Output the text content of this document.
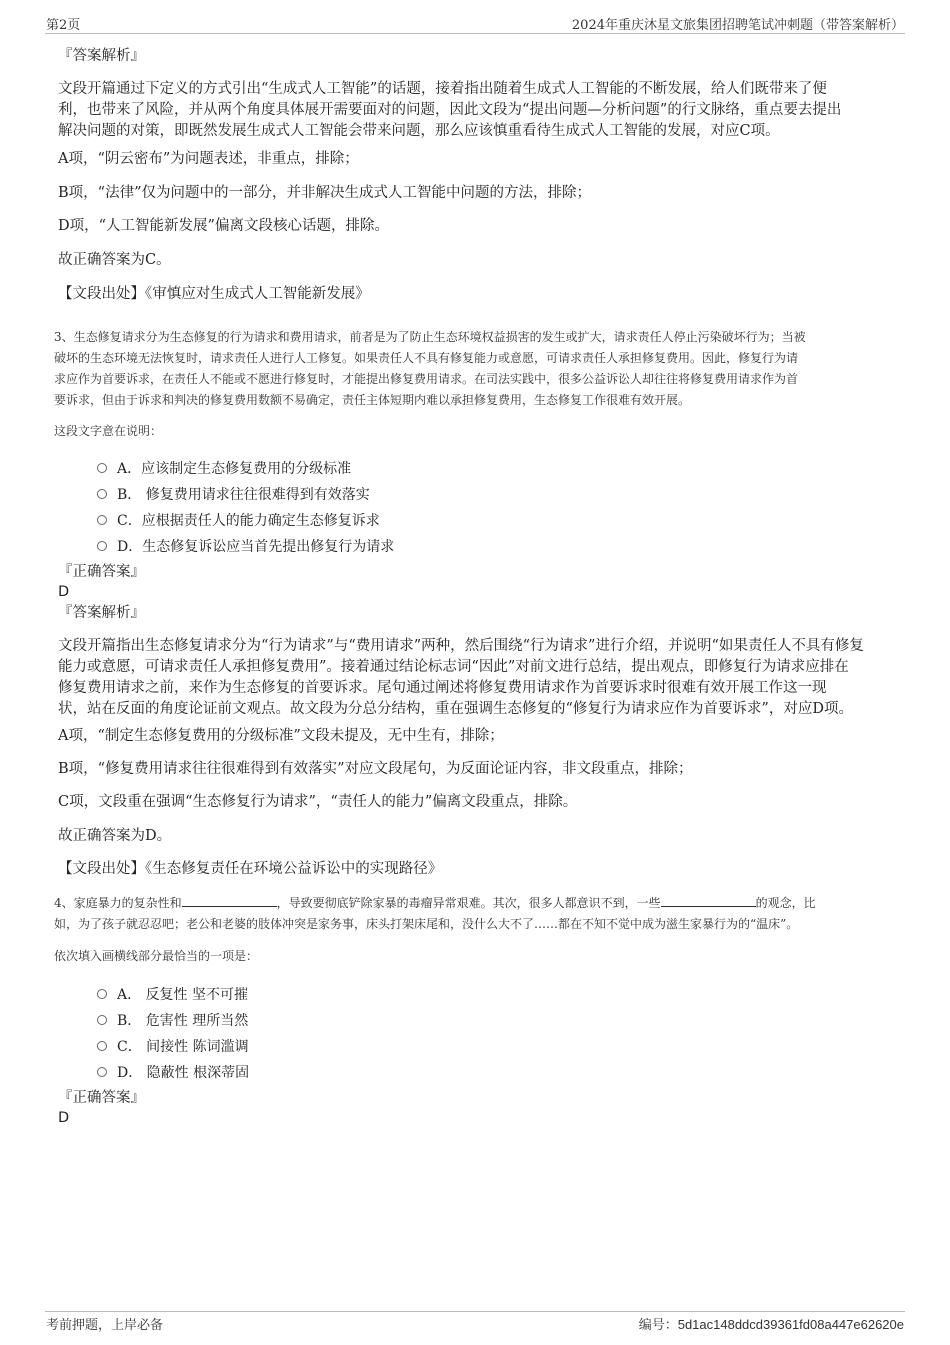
第2页	2024年重庆沐星文旅集团招聘笔试冲刺题（带答案解析）
『答案解析』
文段开篇通过下定义的方式引出“生成式人工智能”的话题，接着指出随着生成式人工智能的不断发展，给人们既带来了便
利，也带来了风险，并从两个角度具体展开需要面对的问题，因此文段为“提出问题—分析问题”的行文脉络，重点要去提出
解决问题的对策，即既然发展生成式人工智能会带来问题，那么应该慎重看待生成式人工智能的发展，对应C项。
A项，“阴云密布”为问题表述，非重点，排除；
B项，“法律”仅为问题中的一部分，并非解决生成式人工智能中问题的方法，排除；
D项，“人工智能新发展”偏离文段核心话题，排除。
故正确答案为C。
【文段出处】《审慎应对生成式人工智能新发展》
3、生态修复请求分为生态修复的行为请求和费用请求，前者是为了防止生态环境权益损害的发生或扩大，请求责任人停止污染破坏行为；当被
破坏的生态环境无法恢复时，请求责任人进行人工修复。如果责任人不具有修复能力或意愿，可请求责任人承担修复费用。因此，修复行为请
求应作为首要诉求，在责任人不能或不愿进行修复时，才能提出修复费用请求。在司法实践中，很多公益诉讼人却往往将修复费用请求作为首
要诉求，但由于诉求和判决的修复费用数额不易确定，责任主体短期内难以承担修复费用，生态修复工作很难有效开展。
这段文字意在说明：
A．应该制定生态修复费用的分级标准
B． 修复费用请求往往很难得到有效落实
C．应根据责任人的能力确定生态修复诉求
D．生态修复诉讼应当首先提出修复行为请求
『正确答案』
D
『答案解析』
文段开篇指出生态修复请求分为“行为请求”与“费用请求”两种，然后围绕“行为请求”进行介绍，并说明“如果责任人不具有修复
能力或意愿，可请求责任人承担修复费用”。接着通过结论标志词“因此”对前文进行总结，提出观点，即修复行为请求应排在
修复费用请求之前，来作为生态修复的首要诉求。尾句通过阐述将修复费用请求作为首要诉求时很难有效开展工作这一现
状，站在反面的角度论证前文观点。故文段为分总分结构，重在强调生态修复的“修复行为请求应作为首要诉求”，对应D项。
A项，“制定生态修复费用的分级标准”文段未提及，无中生有，排除；
B项，“修复费用请求往往很难得到有效落实”对应文段尾句，为反面论证内容，非文段重点，排除；
C项，文段重在强调“生态修复行为请求”，“责任人的能力”偏离文段重点，排除。
故正确答案为D。
【文段出处】《生态修复责任在环境公益诉讼中的实现路径》
4、家庭暴力的复杂性和	，导致要彻底铲除家暴的毒瘤异常艰难。其次，很多人都意识不到，一些	的观念，比
如，为了孩子就忍忍吧；老公和老婆的肢体冲突是家务事，床头打架床尾和，没什么大不了……都在不知不觉中成为滋生家暴行为的“温床”。
依次填入画横线部分最恰当的一项是：
A． 反复性 坚不可摧
B． 危害性 理所当然
C． 间接性 陈词滥调
D． 隐蔽性 根深蒂固
『正确答案』
D
考前押题，上岸必备	编号：5d1ac148ddcd39361fd08a447e62620e
